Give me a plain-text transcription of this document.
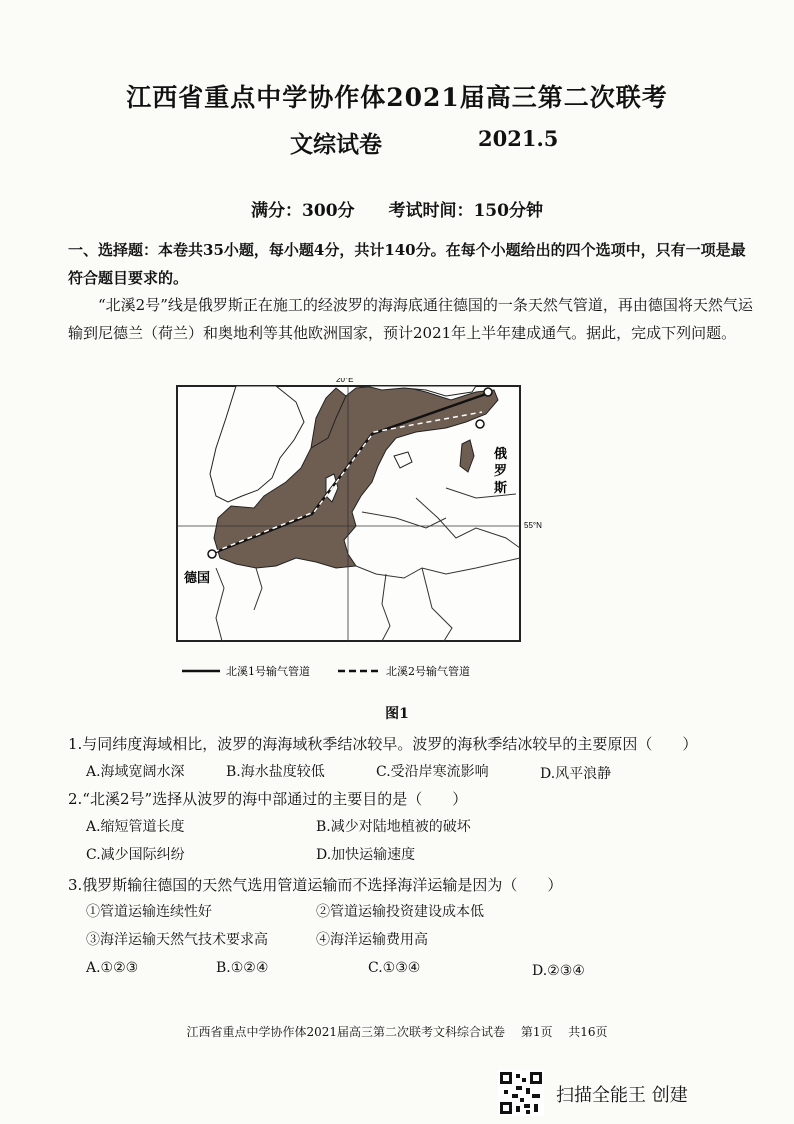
江西省重点中学协作体2021届高三第二次联考
文综试卷	2021.5
满分：300分 考试时间：150分钟
一、选择题：本卷共35小题，每小题4分，共计140分。在每个小题给出的四个选项中，只有一项是最符合题目要求的。
“北溪2号”线是俄罗斯正在施工的经波罗的海海底通往德国的一条天然气管道，再由德国将天然气运输到尼德兰（荷兰）和奥地利等其他欧洲国家，预计2021年上半年建成通气。据此，完成下列问题。
20°E
55°N
俄
罗
斯
德国
北溪1号输气管道	北溪2号输气管道
图1
1.与同纬度海域相比，波罗的海海域秋季结冰较早。波罗的海秋季结冰较早的主要原因（　　）
A.海域宽阔水深	B.海水盐度较低	C.受沿岸寒流影响	D.风平浪静
2.“北溪2号”选择从波罗的海中部通过的主要目的是（　　）
A.缩短管道长度	B.减少对陆地植被的破坏
C.减少国际纠纷	D.加快运输速度
3.俄罗斯输往德国的天然气选用管道运输而不选择海洋运输是因为（　　）
①管道运输连续性好	②管道运输投资建设成本低
③海洋运输天然气技术要求高	④海洋运输费用高
A.①②③	B.①②④	C.①③④	D.②③④
江西省重点中学协作体2021届高三第二次联考文科综合试卷 第1页 共16页
扫描全能王 创建
